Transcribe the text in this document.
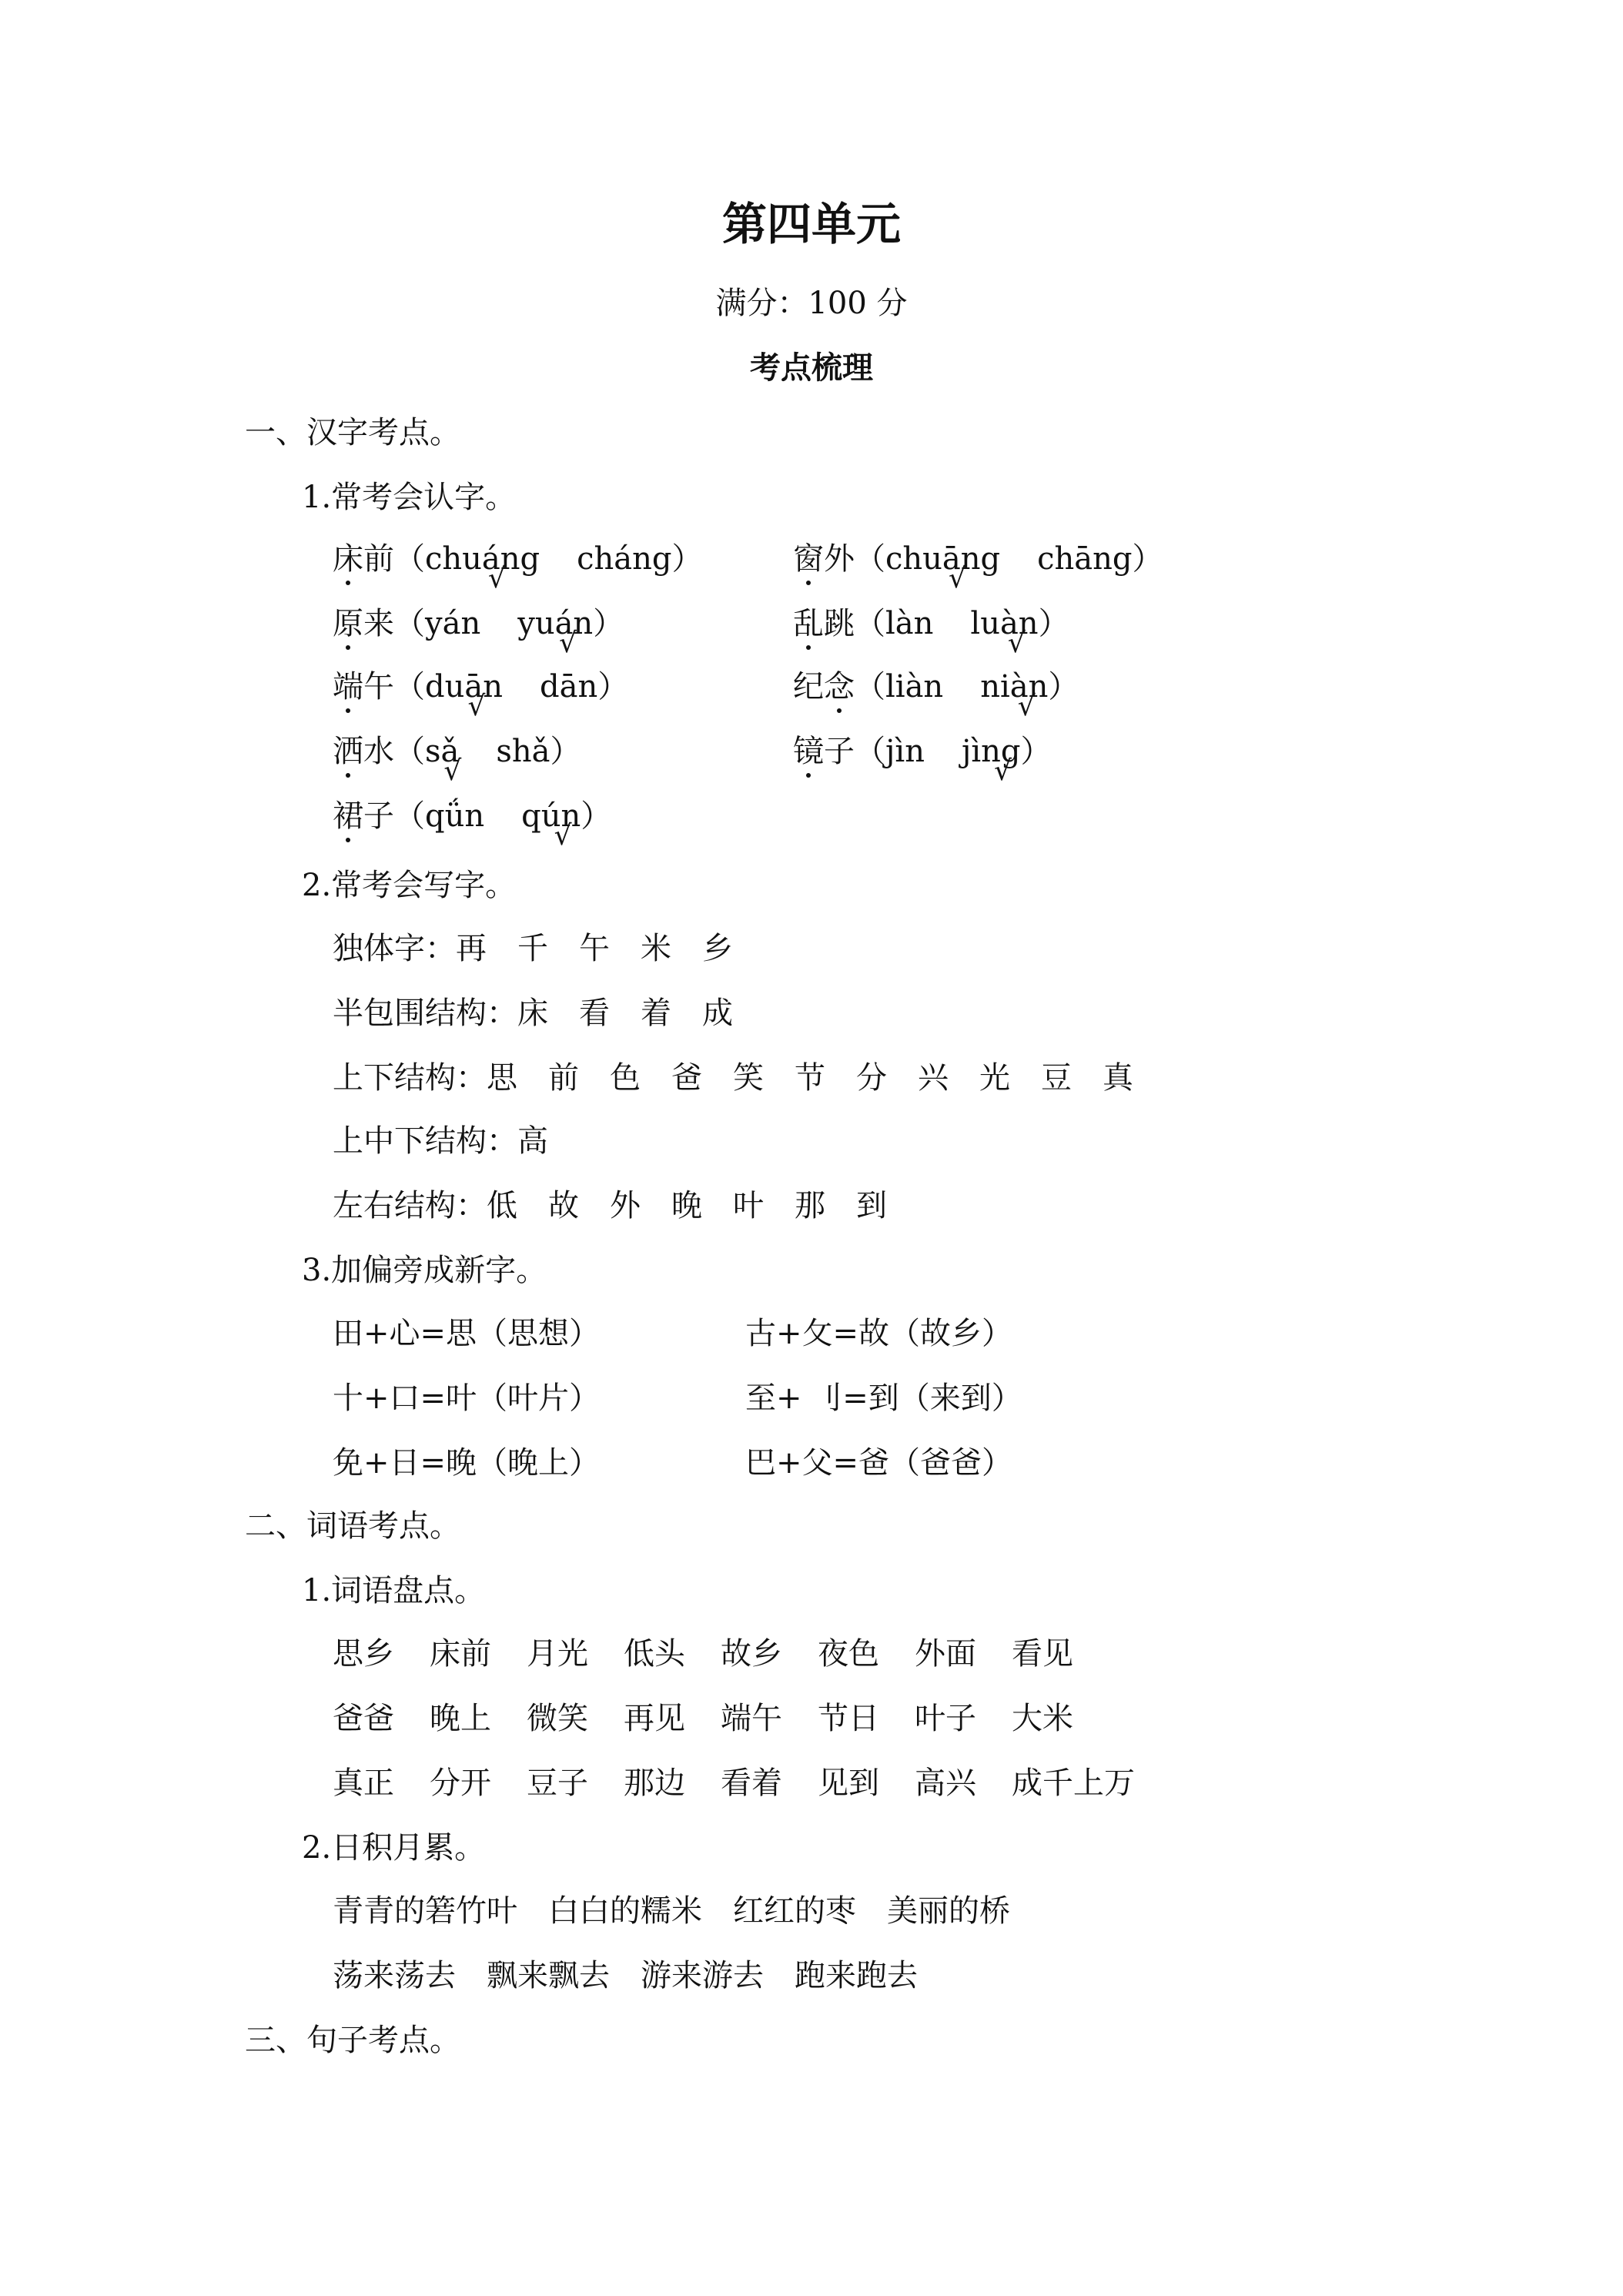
第四单元
满分：100 分
考点梳理
一、汉字考点。
1.常考会认字。
床前（chuáng √ cháng）	窗外（chuāng √ chāng）
原来（yán yuán √）	乱跳（làn luàn √）
端午（duān √ dān）	纪念（liàn niàn √）
洒水（sǎ √ shǎ）	镜子（jìn jìng √）
裙子（qǘn qún √）
2.常考会写字。
独体字：再　千　午　米　乡
半包围结构：床　看　着　成
上下结构：思　前　色　爸　笑　节　分　兴　光　豆　真
上中下结构：高
左右结构：低　故　外　晚　叶　那　到
3.加偏旁成新字。
田+心=思（思想）	古+攵=故（故乡）
十+口=叶（叶片）	至+ 刂=到（来到）
免+日=晚（晚上）	巴+父=爸（爸爸）
二、词语考点。
1.词语盘点。
思乡 床前 月光 低头 故乡 夜色 外面 看见
爸爸 晚上 微笑 再见 端午 节日 叶子 大米
真正 分开 豆子 那边 看着 见到 高兴 成千上万
2.日积月累。
青青的箬竹叶　白白的糯米　红红的枣　美丽的桥
荡来荡去　飘来飘去　游来游去　跑来跑去
三、句子考点。
